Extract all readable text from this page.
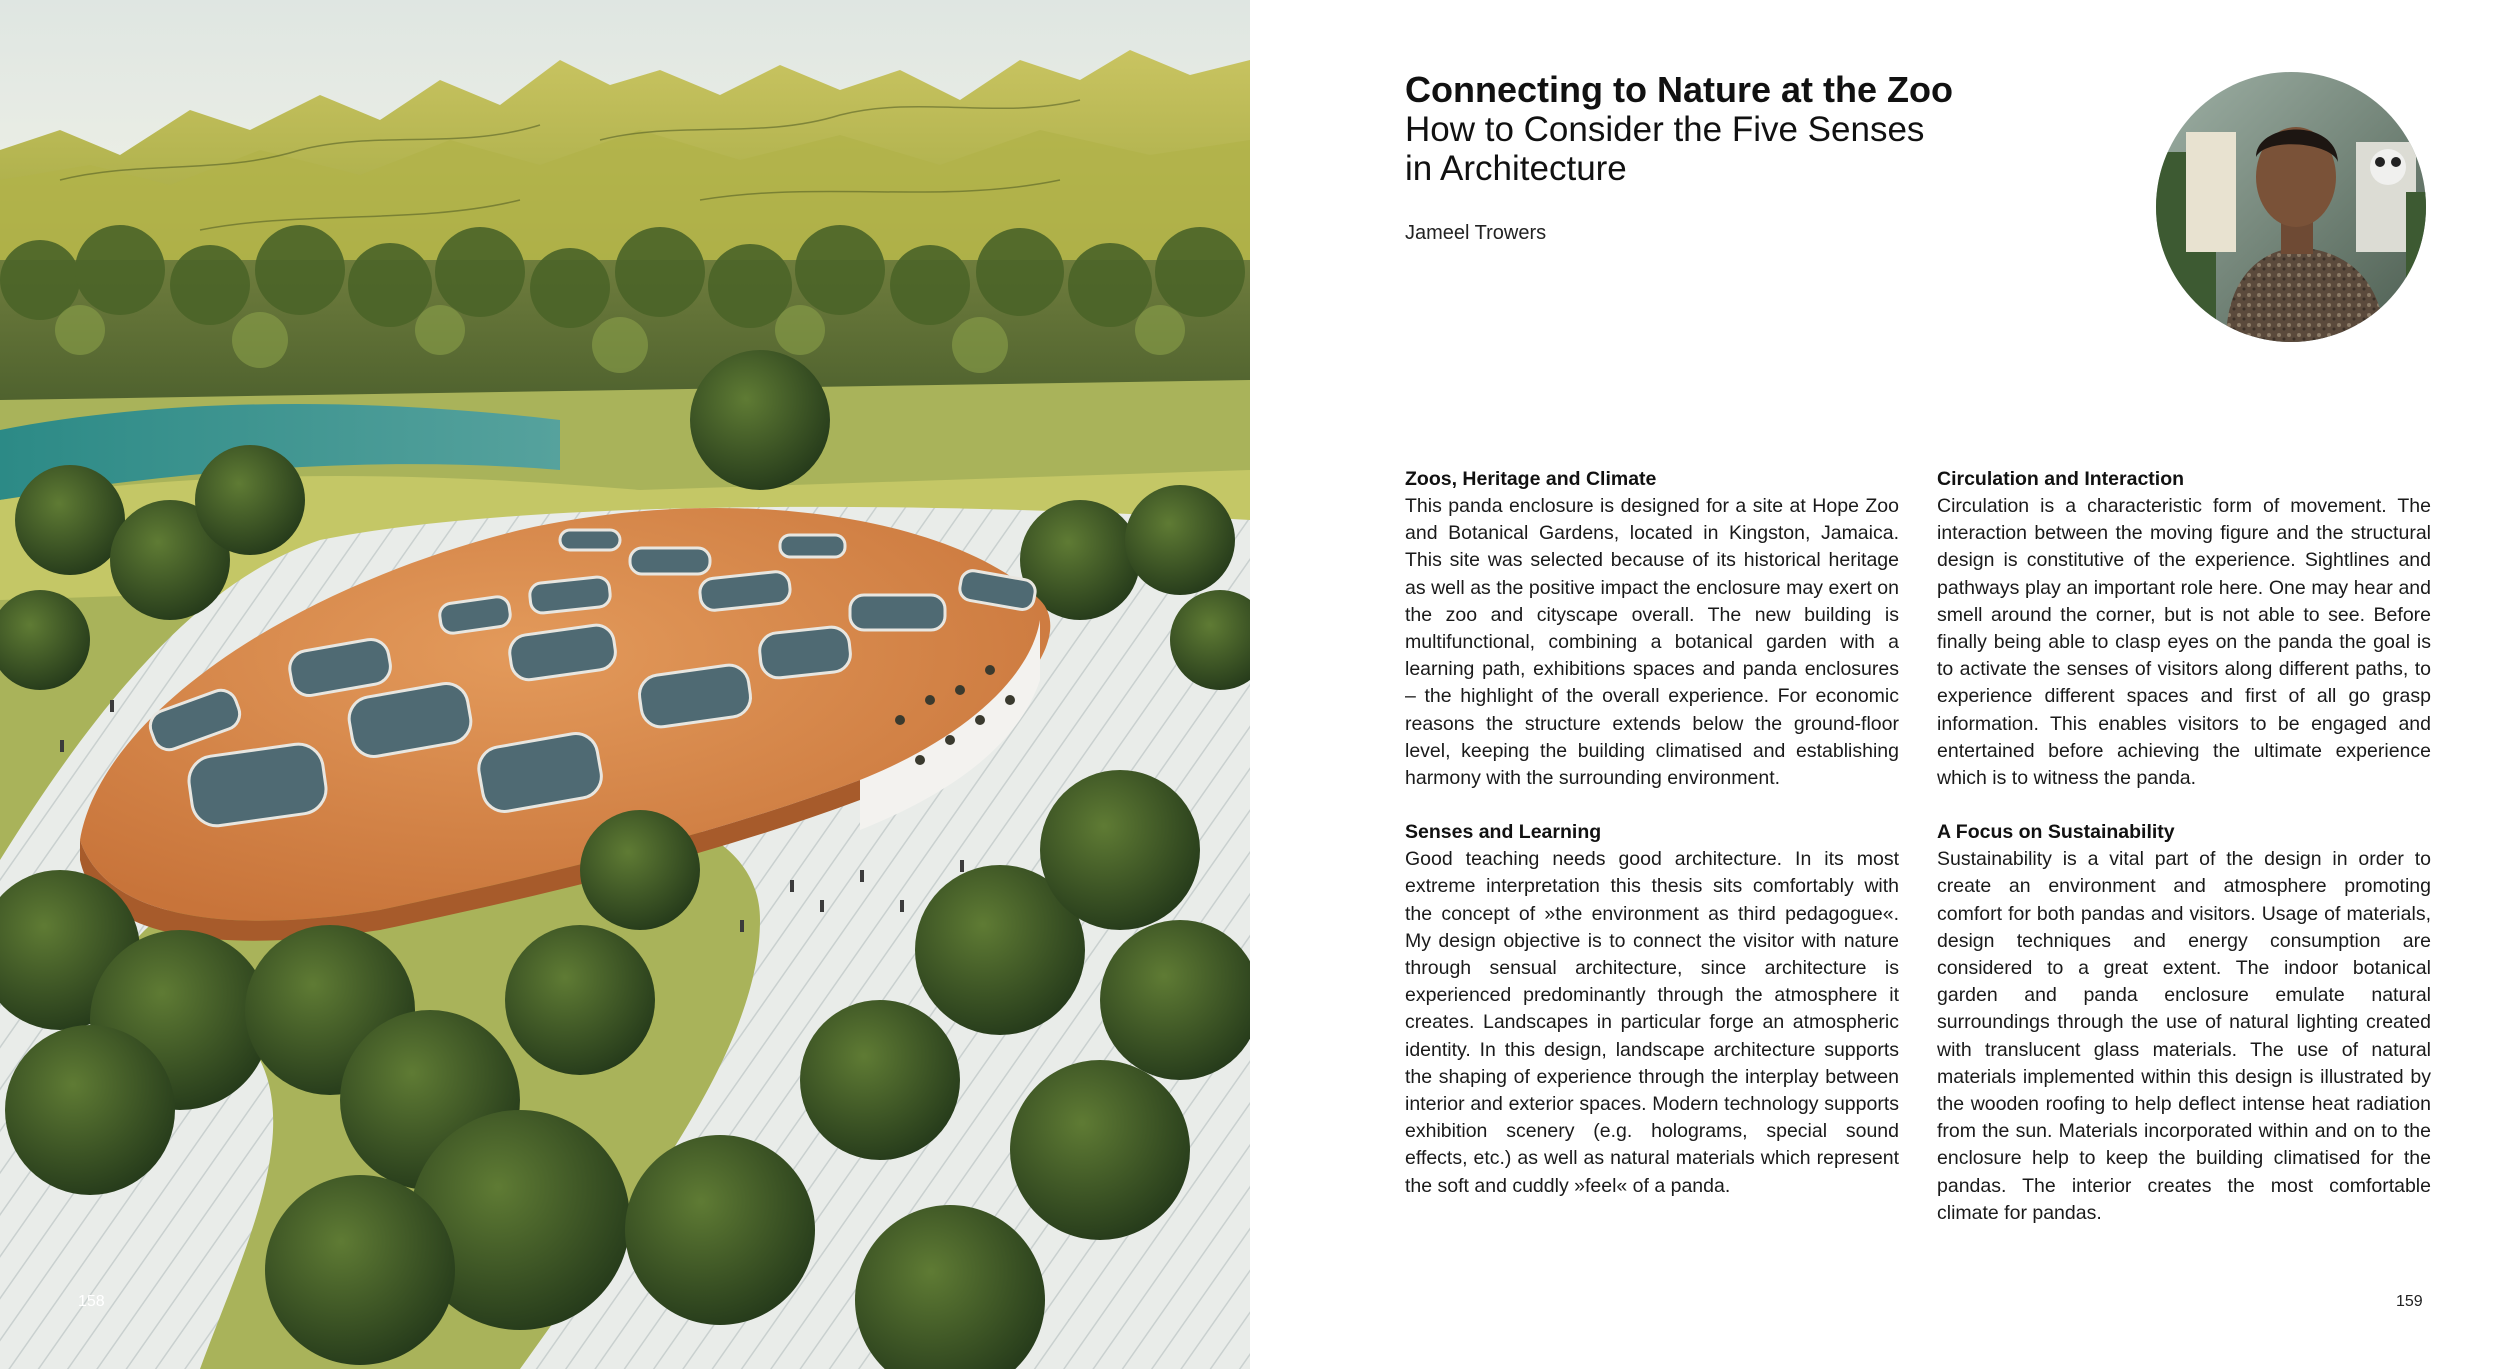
158
Connecting to Nature at the Zoo
How to Consider the Five Senses
in Architecture
Jameel Trowers
Zoos, Heritage and Climate

This panda enclosure is designed for a site at Hope Zoo and Botanical Gardens, located in Kingston, Jamaica. This site was selected because of its historical heritage as well as the positive impact the enclosure may exert on the zoo and cityscape overall. The new building is multifunctional, combining a botanical garden with a learning path, exhibitions spaces and panda enclosures – the highlight of the overall experience. For economic reasons the structure extends below the ground-floor level, keeping the building climatised and establishing harmony with the surrounding environment.

Senses and Learning

Good teaching needs good architecture. In its most extreme interpretation this thesis sits comfortably with the concept of »the environment as third pedagogue«. My design objective is to connect the visitor with nature through sensual architecture, since architecture is experienced predominantly through the atmosphere it creates. Landscapes in particular forge an atmospheric identity. In this design, landscape architecture supports the shaping of experience through the interplay between interior and exterior spaces. Modern technology supports exhibition scenery (e.g. holograms, special sound effects, etc.) as well as natural materials which represent the soft and cuddly »feel« of a panda.

Circulation and Interaction

Circulation is a characteristic form of movement. The interaction between the moving figure and the structural design is constitutive of the experience. Sightlines and pathways play an important role here. One may hear and smell around the corner, but is not able to see. Before finally being able to clasp eyes on the panda the goal is to activate the senses of visitors along different paths, to experience different spaces and first of all go grasp information. This enables visitors to be engaged and entertained before achieving the ultimate experience which is to witness the panda.

A Focus on Sustainability

Sustainability is a vital part of the design in order to create an environment and atmosphere promoting comfort for both pandas and visitors. Usage of materials, design techniques and energy consumption are considered to a great extent. The indoor botanical garden and panda enclosure emulate natural surroundings through the use of natural lighting created with translucent glass materials. The use of natural materials implemented within this design is illustrated by the wooden roofing to help deflect intense heat radiation from the sun. Materials incorporated within and on to the enclosure help to keep the building climatised for the pandas. The interior creates the most comfortable climate for pandas.

159
